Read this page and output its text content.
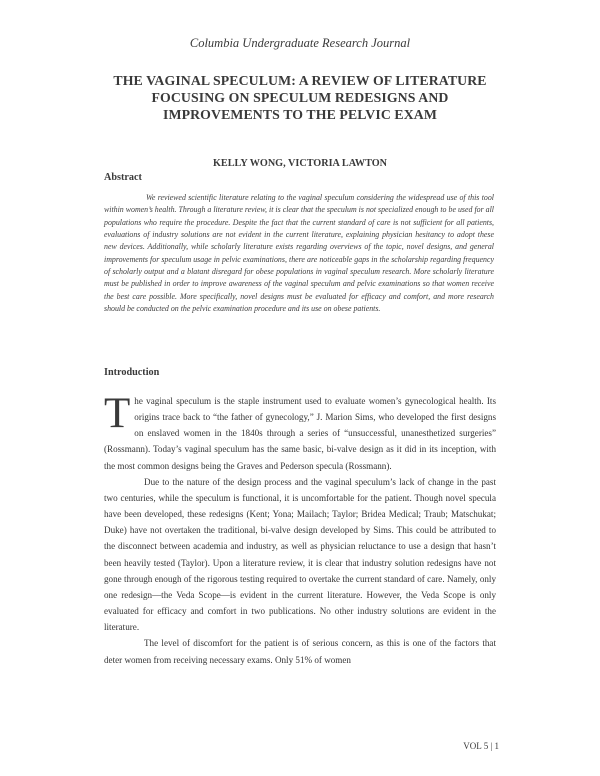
Columbia Undergraduate Research Journal
THE VAGINAL SPECULUM: A REVIEW OF LITERATURE FOCUSING ON SPECULUM REDESIGNS AND IMPROVEMENTS TO THE PELVIC EXAM
KELLY WONG, VICTORIA LAWTON
Abstract

We reviewed scientific literature relating to the vaginal speculum considering the widespread use of this tool within women’s health. Through a literature review, it is clear that the speculum is not specialized enough to be used for all populations who require the procedure. Despite the fact that the current standard of care is not sufficient for all patients, evaluations of industry solutions are not evident in the current literature, explaining physician hesitancy to adopt these new devices. Additionally, while scholarly literature exists regarding overviews of the topic, novel designs, and general improvements for speculum usage in pelvic examinations, there are noticeable gaps in the scholarship regarding frequency of scholarly output and a blatant disregard for obese populations in vaginal speculum research. More scholarly literature must be published in order to improve awareness of the vaginal speculum and pelvic examinations so that women receive the best care possible. More specifically, novel designs must be evaluated for efficacy and comfort, and more research should be conducted on the pelvic examination procedure and its use on obese patients.

Introduction

The vaginal speculum is the staple instrument used to evaluate women’s gynecological health. Its origins trace back to “the father of gynecology,” J. Marion Sims, who developed the first designs on enslaved women in the 1840s through a series of “unsuccessful, unanesthetized surgeries” (Rossmann). Today’s vaginal speculum has the same basic, bi-valve design as it did in its inception, with the most common designs being the Graves and Pederson specula (Rossmann).

Due to the nature of the design process and the vaginal speculum’s lack of change in the past two centuries, while the speculum is functional, it is uncomfortable for the patient. Though novel specula have been developed, these redesigns (Kent; Yona; Mailach; Taylor; Bridea Medical; Traub; Matschukat; Duke) have not overtaken the traditional, bi-valve design developed by Sims. This could be attributed to the disconnect between academia and industry, as well as physician reluctance to use a design that hasn’t been heavily tested (Taylor). Upon a literature review, it is clear that industry solution redesigns have not gone through enough of the rigorous testing required to overtake the current standard of care. Namely, only one redesign—the Veda Scope—is evident in the current literature. However, the Veda Scope is only evaluated for efficacy and comfort in two publications. No other industry solutions are evident in the literature.

The level of discomfort for the patient is of serious concern, as this is one of the factors that deter women from receiving necessary exams. Only 51% of women

VOL 5 | 1
